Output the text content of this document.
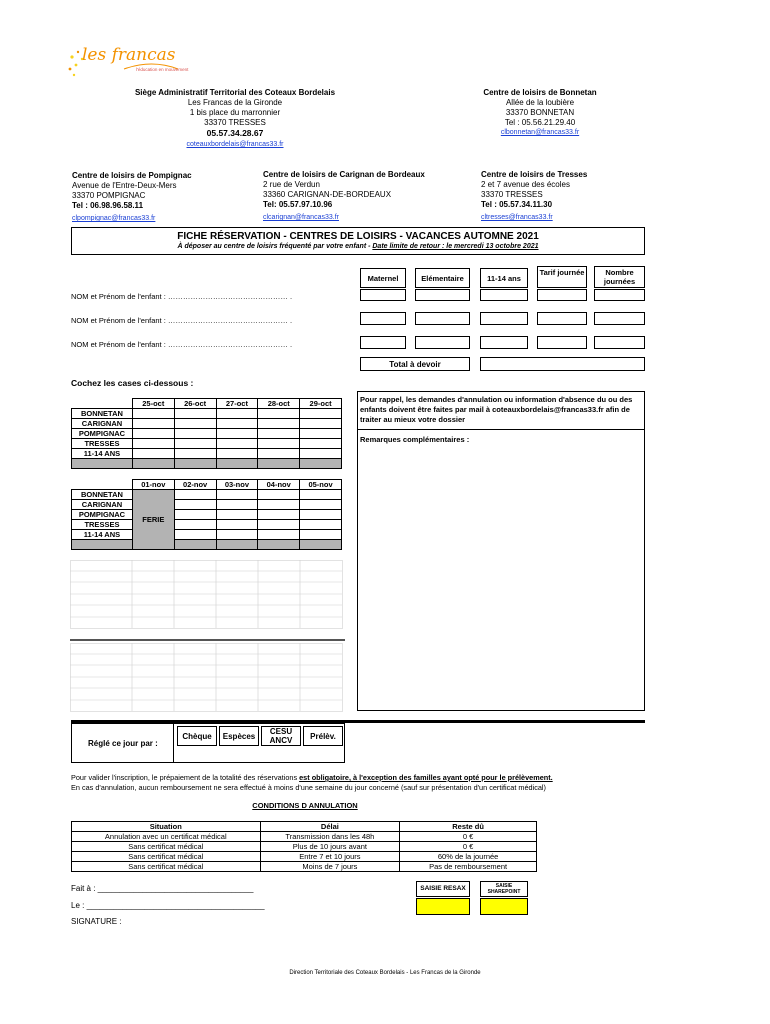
les francas
l'éducation en mouvement
Siège Administratif Territorial des Coteaux Bordelais
Les Francas de la Gironde
1 bis place du marronnier
33370 TRESSES
05.57.34.28.67
coteauxbordelais@francas33.fr
Centre de loisirs de Bonnetan
Allée de la loubière
33370 BONNETAN
Tel : 05.56.21.29.40
clbonnetan@francas33.fr
Centre de loisirs de Pompignac
Avenue de l'Entre-Deux-Mers
33370 POMPIGNAC
Tel : 06.98.96.58.11
clpompignac@francas33.fr
Centre de loisirs de Carignan de Bordeaux
2 rue de Verdun
33360 CARIGNAN-DE-BORDEAUX
Tel: 05.57.97.10.96
clcarignan@francas33.fr
Centre de loisirs de Tresses
2 et 7 avenue des écoles
33370 TRESSES
Tel : 05.57.34.11.30
cltresses@francas33.fr
FICHE RÉSERVATION - CENTRES DE LOISIRS - VACANCES AUTOMNE 2021
À déposer au centre de loisirs fréquenté par votre enfant - Date limite de retour : le mercredi 13 octobre 2021
Maternel	Elémentaire	11-14 ans
Tarif journée	Nombre journées
NOM et Prénom de l'enfant : ………………………………………… .
NOM et Prénom de l'enfant : ………………………………………… .
NOM et Prénom de l'enfant : ………………………………………… .
Total à devoir
Cochez les cases ci-dessous :
	25-oct	26-oct	27-oct	28-oct	29-oct
BONNETAN					
CARIGNAN					
POMPIGNAC					
TRESSES					
11-14 ANS					

	01-nov	02-nov	03-nov	04-nov	05-nov
BONNETAN	FERIE				
CARIGNAN					
POMPIGNAC					
TRESSES					
11-14 ANS					

Pour rappel, les demandes d'annulation ou information d'absence du ou des enfants doivent être faites par mail à coteauxbordelais@francas33.fr afin de traiter au mieux votre dossier
Remarques complémentaires :
Réglé ce jour par :
Chèque	Espèces
CESU ANCV	Prélèv.
Pour valider l'inscription, le prépaiement de la totalité des réservations est obligatoire, à l'exception des familles ayant opté pour le prélèvement.
En cas d'annulation, aucun remboursement ne sera effectué à moins d'une semaine du jour concerné (sauf sur présentation d'un certificat médical)
CONDITIONS D ANNULATION
Situation	Délai	Reste dû
Annulation avec un certificat médical	Transmission dans les 48h	0 €
Sans certificat médical	Plus de 10 jours avant	0 €
Sans certificat médical	Entre 7 et 10 jours	60% de la journée
Sans certificat médical	Moins de 7 jours	Pas de remboursement
Fait à : ___________________________________
Le : ________________________________________
SIGNATURE :
SAISIE RESAX	SAISIE SHAREPOINT
Direction Territoriale des Coteaux Bordelais - Les Francas de la Gironde
